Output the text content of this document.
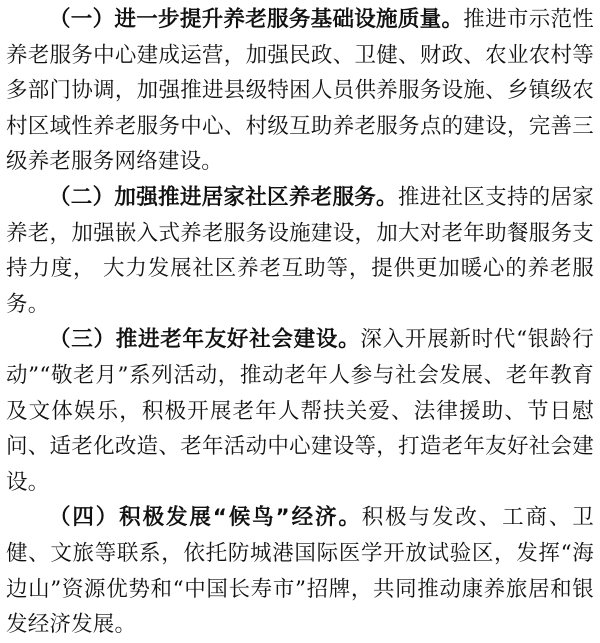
（一）进一步提升养老服务基础设施质量。推进市示范性养老服务中心建成运营，加强民政、卫健、财政、农业农村等多部门协调，加强推进县级特困人员供养服务设施、乡镇级农村区域性养老服务中心、村级互助养老服务点的建设，完善三级养老服务网络建设。

（二）加强推进居家社区养老服务。推进社区支持的居家养老，加强嵌入式养老服务设施建设，加大对老年助餐服务支持力度， 大力发展社区养老互助等，提供更加暖心的养老服务。

（三）推进老年友好社会建设。深入开展新时代“银龄行动”“敬老月”系列活动，推动老年人参与社会发展、老年教育及文体娱乐，积极开展老年人帮扶关爱、法律援助、节日慰问、适老化改造、老年活动中心建设等，打造老年友好社会建设。

（四）积极发展“候鸟”经济。积极与发改、工商、卫健、文旅等联系，依托防城港国际医学开放试验区，发挥“海边山”资源优势和“中国长寿市”招牌，共同推动康养旅居和银发经济发展。
